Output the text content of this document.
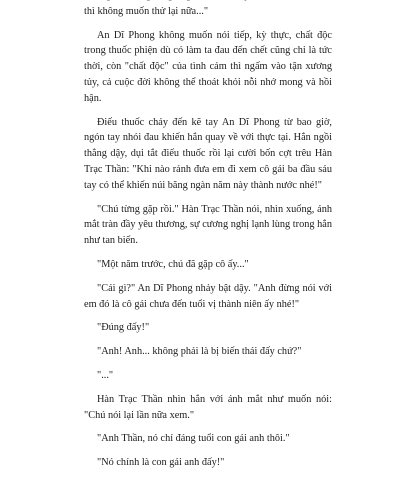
thì không muốn thử lại nữa..."

An Dĩ Phong không muốn nói tiếp, kỳ thực, chất độc trong thuốc phiện dù có làm ta đau đến chết cũng chỉ là tức thời, còn "chất độc" của tình cảm thì ngấm vào tận xương tủy, cả cuộc đời không thể thoát khỏi nỗi nhớ mong và hồi hận.

Điếu thuốc cháy đến kẽ tay An Dĩ Phong từ bao giờ, ngón tay nhói đau khiến hắn quay về với thực tại. Hắn ngồi thẳng dậy, dụi tắt điếu thuốc rồi lại cười bốn cợt trêu Hàn Trạc Thần: "Khi nào rảnh đưa em đi xem cô gái ba đầu sáu tay có thể khiến núi băng ngàn năm này thành nước nhé!"

"Chú từng gặp rồi." Hàn Trạc Thần nói, nhìn xuống, ánh mắt tràn đầy yêu thương, sự cương nghị lạnh lùng trong hắn như tan biến.

"Một năm trước, chú đã gặp cô ấy..."

"Cái gì?" An Dĩ Phong nhảy bật dậy. "Anh đừng nói với em đó là cô gái chưa đến tuổi vị thành niên ấy nhé!"

"Đúng đấy!"

"Anh! Anh... không phải là bị biến thái đấy chứ?"

"..."

Hàn Trạc Thần nhìn hắn với ánh mắt như muốn nói: "Chú nói lại lần nữa xem."

"Anh Thần, nó chỉ đáng tuổi con gái anh thôi."

"Nó chính là con gái anh đấy!"
